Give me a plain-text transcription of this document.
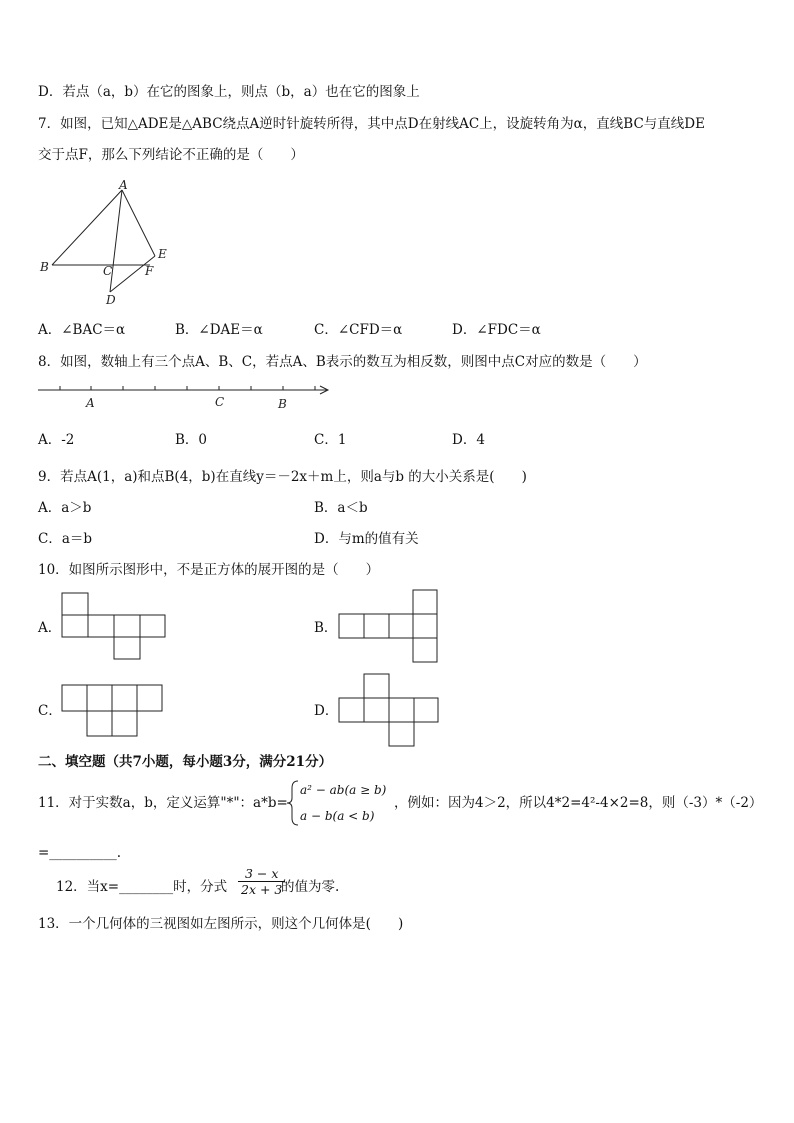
D．若点（a，b）在它的图象上，则点（b，a）也在它的图象上
7．如图，已知△ADE是△ABC绕点A逆时针旋转所得，其中点D在射线AC上，设旋转角为α，直线BC与直线DE
交于点F，那么下列结论不正确的是（　　）
A
B	C
D
E
F
A．∠BAC＝α	B．∠DAE＝α	C．∠CFD＝α	D．∠FDC＝α
8．如图，数轴上有三个点A、B、C，若点A、B表示的数互为相反数，则图中点C对应的数是（　　）
A	C	B
A．-2	B．0	C．1	D．4
9．若点A(1，a)和点B(4，b)在直线y＝－2x＋m上，则a与b 的大小关系是(　　)
A．a＞b	B．a＜b
C．a＝b	D．与m的值有关
10．如图所示图形中，不是正方体的展开图的是（　　）
A．	B．
C．	D．
二、填空题（共7小题，每小题3分，满分21分）
11．对于实数a，b，定义运算"*"：a*b=
a² − ab(a ≥ b)
a − b(a < b)
，例如：因为4＞2，所以4*2=4²-4×2=8，则（-3）*（-2）
=__________.
12．当x=________时，分式 $\frac{3 - x}{2x + 3}$
的值为零.
13．一个几何体的三视图如左图所示，则这个几何体是(　　)
